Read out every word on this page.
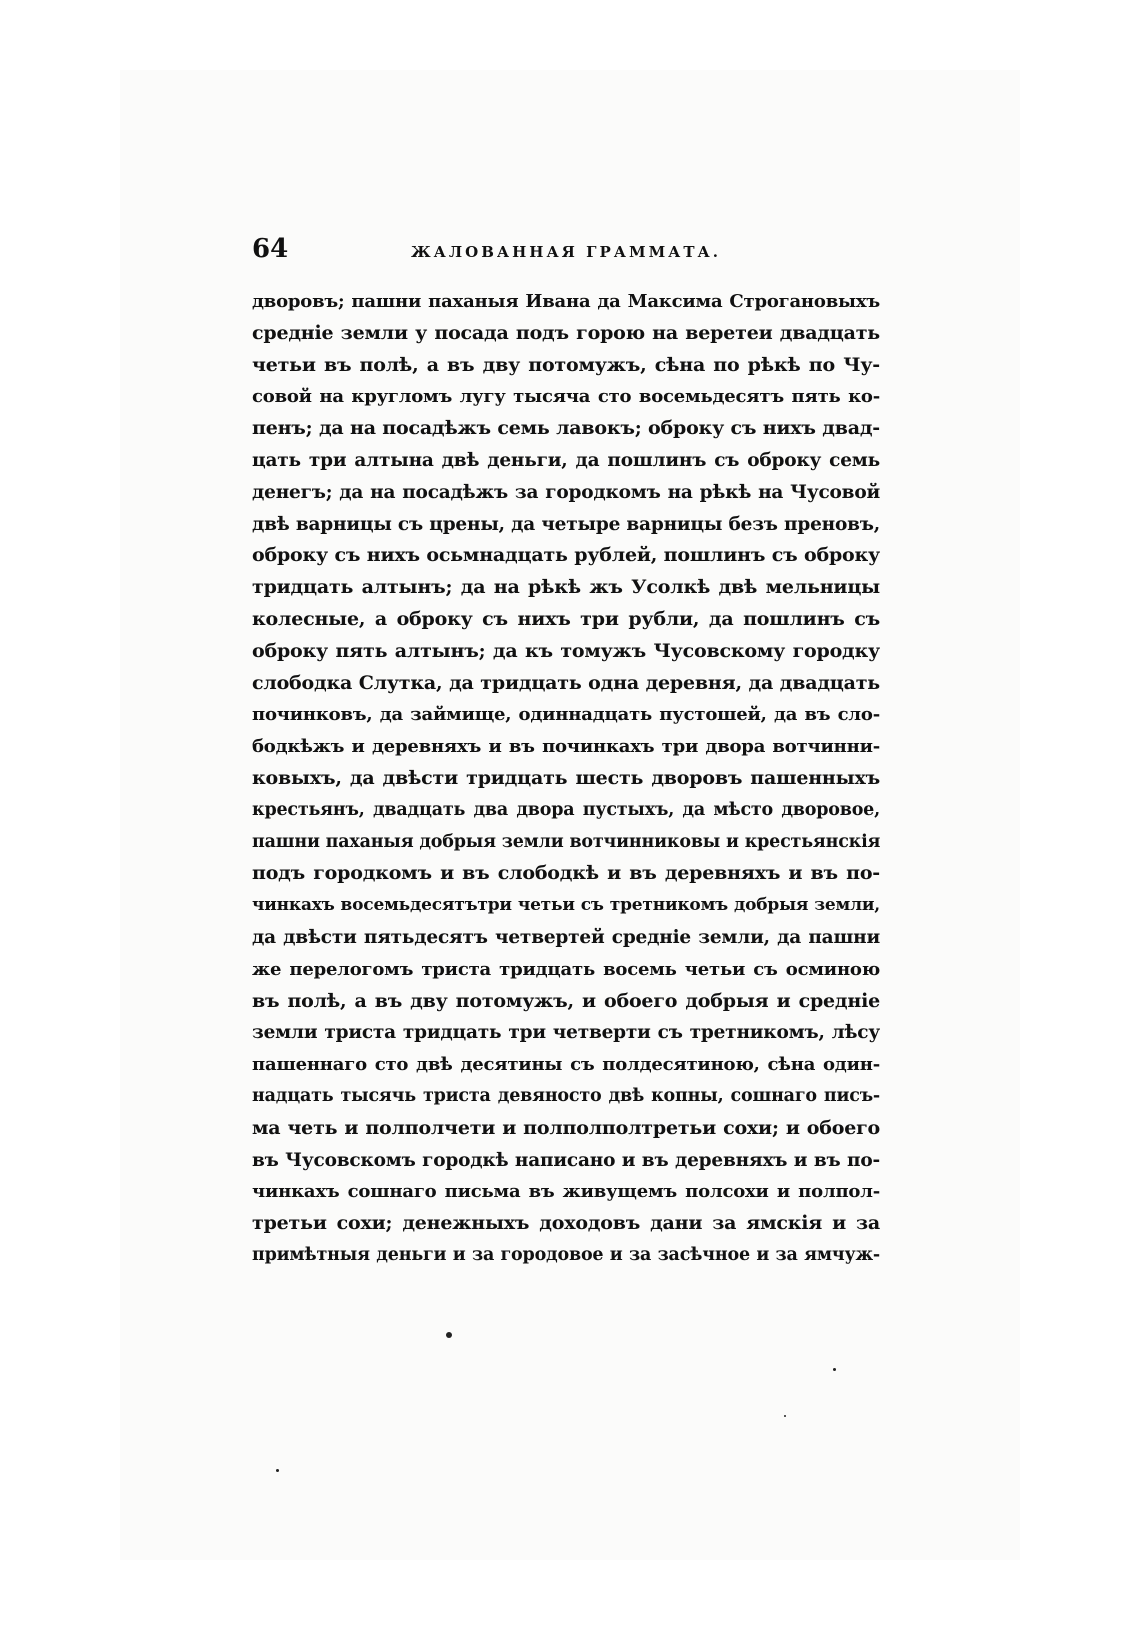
64	ЖАЛОВАННАЯ ГРАММАТА.
дворовъ; пашни паханыя Ивана да Максима Строгановыхъ
средніе земли у посада подъ горою на веретеи двадцать
четьи въ полѣ, а въ дву потомужъ, сѣна по рѣкѣ по Чу-
совой на кругломъ лугу тысяча сто восемьдесятъ пять ко-
пенъ; да на посадѣжъ семь лавокъ; оброку съ нихъ двад-
цать три алтына двѣ деньги, да пошлинъ съ оброку семь
денегъ; да на посадѣжъ за городкомъ на рѣкѣ на Чусовой
двѣ варницы съ црены, да четыре варницы безъ преновъ,
оброку съ нихъ осьмнадцать рублей, пошлинъ съ оброку
тридцать алтынъ; да на рѣкѣ жъ Усолкѣ двѣ мельницы
колесные, а оброку съ нихъ три рубли, да пошлинъ съ
оброку пять алтынъ; да къ томужъ Чусовскому городку
слободка Слутка, да тридцать одна деревня, да двадцать
починковъ, да займище, одиннадцать пустошей, да въ сло-
бодкѣжъ и деревняхъ и въ починкахъ три двора вотчинни-
ковыхъ, да двѣсти тридцать шесть дворовъ пашенныхъ
крестьянъ, двадцать два двора пустыхъ, да мѣсто дворовое,
пашни паханыя добрыя земли вотчинниковы и крестьянскія
подъ городкомъ и въ слободкѣ и въ деревняхъ и въ по-
чинкахъ восемьдесятътри четьи съ третникомъ добрыя земли,
да двѣсти пятьдесятъ четвертей средніе земли, да пашни
же перелогомъ триста тридцать восемь четьи съ осминою
въ полѣ, а въ дву потомужъ, и обоего добрыя и средніе
земли триста тридцать три четверти съ третникомъ, лѣсу
пашеннаго сто двѣ десятины съ полдесятиною, сѣна один-
надцать тысячь триста девяносто двѣ копны, сошнаго писъ-
ма четь и полполчети и полполполтретьи сохи; и обоего
въ Чусовскомъ городкѣ написано и въ деревняхъ и въ по-
чинкахъ сошнаго письма въ живущемъ полсохи и полпол-
третьи сохи; денежныхъ доходовъ дани за ямскія и за
примѣтныя деньги и за городовое и за засѣчное и за ямчуж-
